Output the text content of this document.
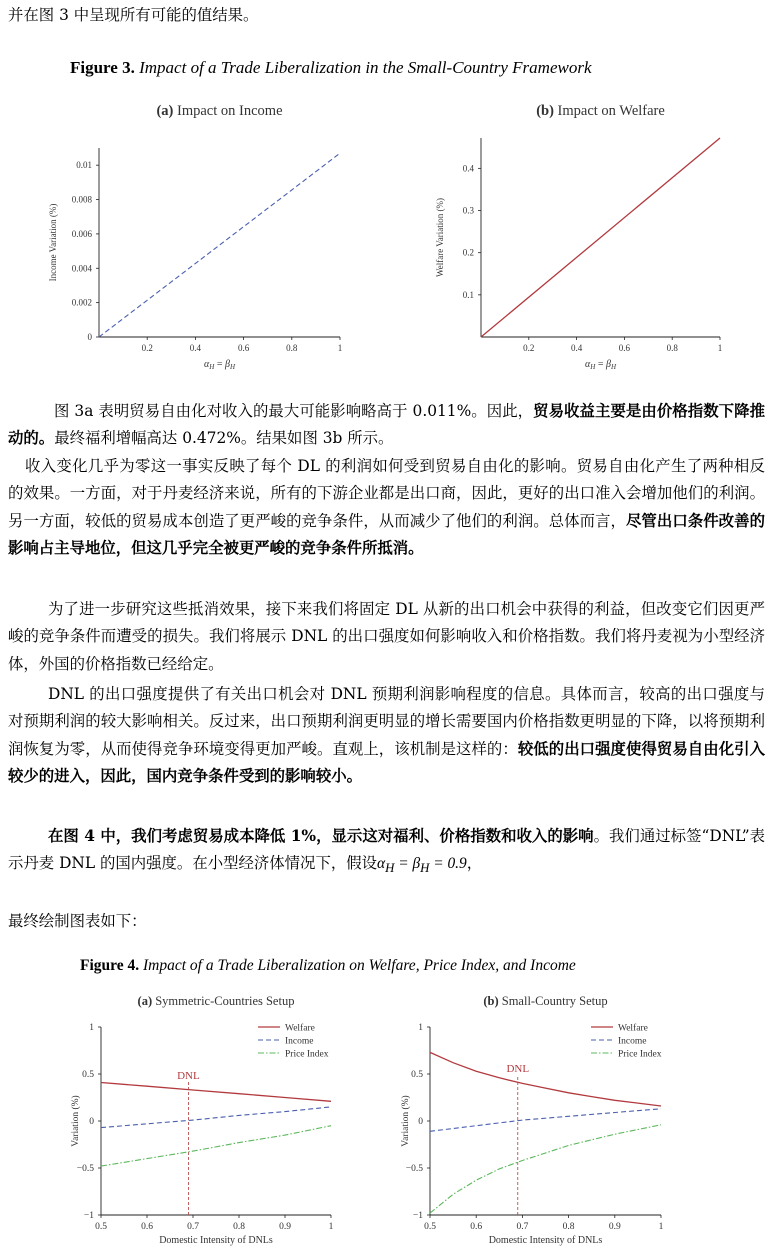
并在图 3 中呈现所有可能的值结果。

Figure 3. Impact of a Trade Liberalization in the Small-Country Framework
(a) Impact on Income
0.2	0.4	0.6	0.8	1
0
0.002
0.004
0.006
0.008
0.01
$\alpha_H = \beta_H$
Income Variation (%)
(b) Impact on Welfare
0.2	0.4	0.6	0.8	1
0.1
0.2
0.3
0.4
$\alpha_H = \beta_H$
Welfare Variation (%)

图 3a 表明贸易自由化对收入的最大可能影响略高于 0.011%。因此，贸易收益主要是由价格指数下降推动的。最终福利增幅高达 0.472%。结果如图 3b 所示。

收入变化几乎为零这一事实反映了每个 DL 的利润如何受到贸易自由化的影响。贸易自由化产生了两种相反的效果。一方面，对于丹麦经济来说，所有的下游企业都是出口商，因此，更好的出口准入会增加他们的利润。另一方面，较低的贸易成本创造了更严峻的竞争条件，从而减少了他们的利润。总体而言，尽管出口条件改善的影响占主导地位，但这几乎完全被更严峻的竞争条件所抵消。

为了进一步研究这些抵消效果，接下来我们将固定 DL 从新的出口机会中获得的利益，但改变它们因更严峻的竞争条件而遭受的损失。我们将展示 DNL 的出口强度如何影响收入和价格指数。我们将丹麦视为小型经济体，外国的价格指数已经给定。

DNL 的出口强度提供了有关出口机会对 DNL 预期利润影响程度的信息。具体而言，较高的出口强度与对预期利润的较大影响相关。反过来，出口预期利润更明显的增长需要国内价格指数更明显的下降，以将预期利润恢复为零，从而使得竞争环境变得更加严峻。直观上，该机制是这样的：较低的出口强度使得贸易自由化引入较少的进入，因此，国内竞争条件受到的影响较小。

在图 4 中，我们考虑贸易成本降低 1%，显示这对福利、价格指数和收入的影响。我们通过标签“DNL”表示丹麦 DNL 的国内强度。在小型经济体情况下，假设$\alpha_H = \beta_H = 0.9$，

最终绘制图表如下：

Figure 4. Impact of a Trade Liberalization on Welfare, Price Index, and Income
(a) Symmetric-Countries Setup
0.5	0.6	0.7	0.8	0.9	1
−1
−0.5
0
0.5
1
Domestic Intensity of DNLs
Variation (%)
DNL
Welfare
Income
Price Index
(b) Small-Country Setup
0.5	0.6	0.7	0.8	0.9	1
−1
−0.5
0
0.5
1
Domestic Intensity of DNLs
Variation (%)
DNL
Welfare
Income
Price Index
